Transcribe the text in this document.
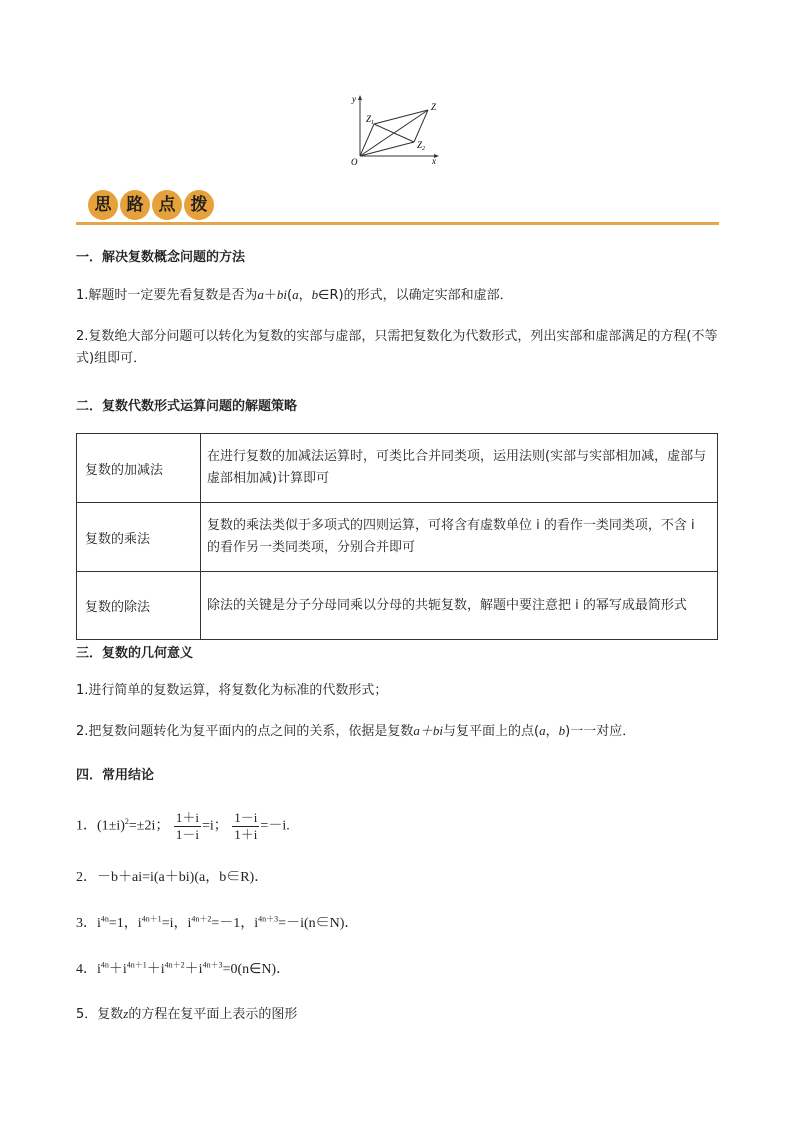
y
x
O
Z
$Z_1$
$Z_2$
思 路 点 拨
一．解决复数概念问题的方法
1.解题时一定要先看复数是否为a＋bi(a，b∈R)的形式，以确定实部和虚部．
2.复数绝大部分问题可以转化为复数的实部与虚部，只需把复数化为代数形式，列出实部和虚部满足的方程(不等式)组即可．
二．复数代数形式运算问题的解题策略
复数的加减法	在进行复数的加减法运算时，可类比合并同类项，运用法则(实部与实部相加减，虚部与虚部相加减)计算即可
复数的乘法	复数的乘法类似于多项式的四则运算，可将含有虚数单位 i 的看作一类同类项，不含 i 的看作另一类同类项，分别合并即可
复数的除法	除法的关键是分子分母同乘以分母的共轭复数，解题中要注意把 i 的幂写成最简形式
三．复数的几何意义
1.进行简单的复数运算，将复数化为标准的代数形式；
2.把复数问题转化为复平面内的点之间的关系，依据是复数a＋bi与复平面上的点(a，b)一一对应．
四．常用结论
1．$(1\pm i)^2=\pm 2i$； $\frac{1+i}{1-i} =i$； $\frac{1-i}{1+i} =-i$.
2．－b＋ai=i(a＋bi)(a，b∈R)．
3．$i^{4n}=1$，$i^{4n+1}=i$，$i^{4n+2}=-1$，$i^{4n+3}=-i(n\in N)$．
4．$i^{4n}+i^{4n+1}+i^{4n+2}+i^{4n+3}=0(n\in N)$．
5．复数z的方程在复平面上表示的图形
